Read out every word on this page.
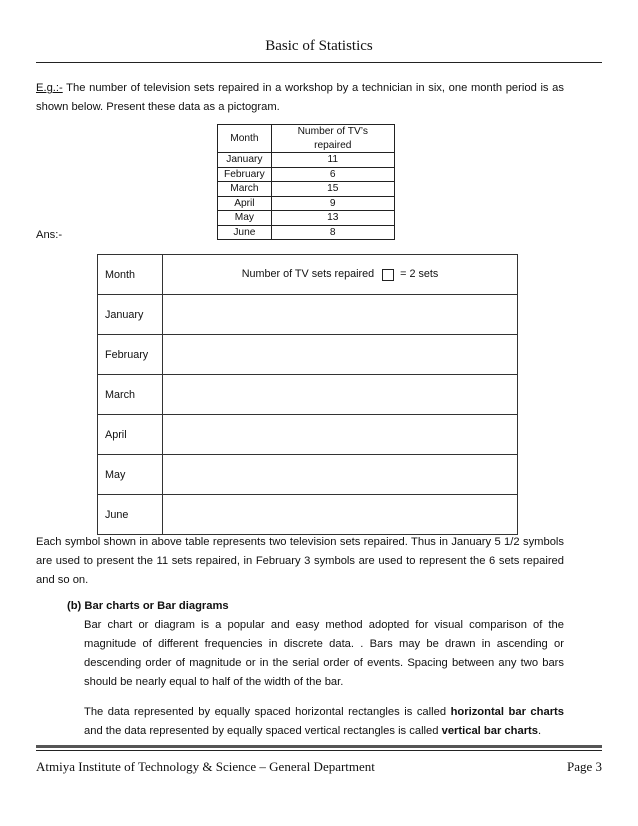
Basic of Statistics
E.g.:- The number of television sets repaired in a workshop by a technician in six, one month period is as shown below. Present these data as a pictogram.
Month	Number of TV’s repaired
January	11
February	6
March	15
April	9
May	13
June	8
Ans:-
Month	Number of TV sets repaired = 2 sets
January	
February	
March	
April	
May	
June	
Each symbol shown in above table represents two television sets repaired. Thus in January 5 1/2 symbols are used to present the 11 sets repaired, in February 3 symbols are used to represent the 6 sets repaired and so on.
(b) Bar charts or Bar diagrams
Bar chart or diagram is a popular and easy method adopted for visual comparison of the magnitude of different frequencies in discrete data. . Bars may be drawn in ascending or descending order of magnitude or in the serial order of events. Spacing between any two bars should be nearly equal to half of the width of the bar.
The data represented by equally spaced horizontal rectangles is called horizontal bar charts and the data represented by equally spaced vertical rectangles is called vertical bar charts.
Atmiya Institute of Technology & Science – General Department	Page 3
